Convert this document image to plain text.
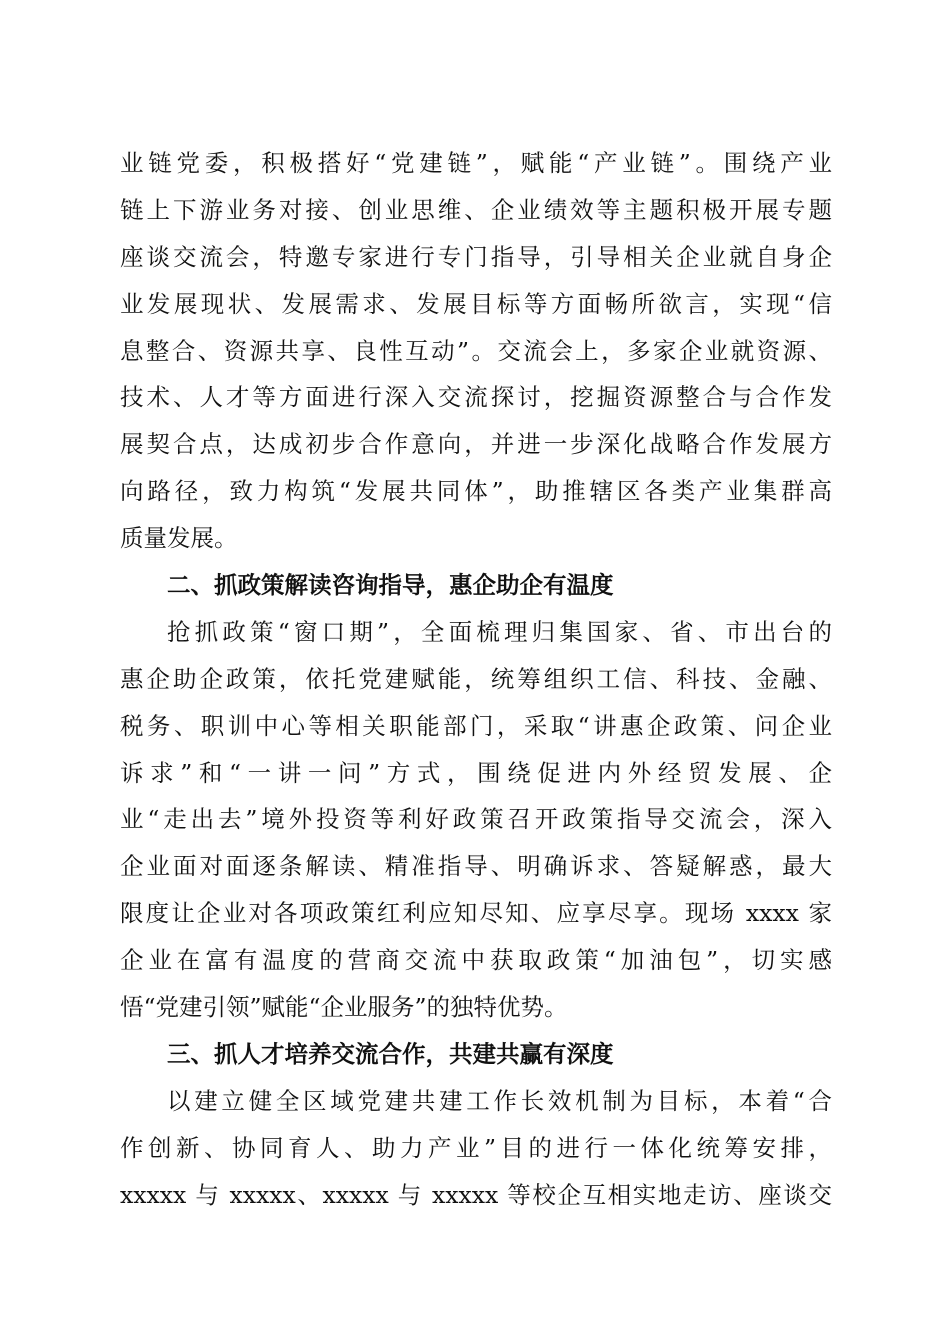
业链党委，积极搭好“党建链”，赋能“产业链”。围绕产业
链上下游业务对接、创业思维、企业绩效等主题积极开展专题
座谈交流会，特邀专家进行专门指导，引导相关企业就自身企
业发展现状、发展需求、发展目标等方面畅所欲言，实现“信
息整合、资源共享、良性互动”。交流会上，多家企业就资源、
技术、人才等方面进行深入交流探讨，挖掘资源整合与合作发
展契合点，达成初步合作意向，并进一步深化战略合作发展方
向路径，致力构筑“发展共同体”，助推辖区各类产业集群高
质量发展。
二、抓政策解读咨询指导，惠企助企有温度
抢抓政策“窗口期”，全面梳理归集国家、省、市出台的
惠企助企政策，依托党建赋能，统筹组织工信、科技、金融、
税务、职训中心等相关职能部门，采取“讲惠企政策、问企业
诉求”和“一讲一问”方式，围绕促进内外经贸发展、企
业“走出去”境外投资等利好政策召开政策指导交流会，深入
企业面对面逐条解读、精准指导、明确诉求、答疑解惑，最大
限度让企业对各项政策红利应知尽知、应享尽享。现场 xxxx 家
企业在富有温度的营商交流中获取政策“加油包”，切实感
悟“党建引领”赋能“企业服务”的独特优势。
三、抓人才培养交流合作，共建共赢有深度
以建立健全区域党建共建工作长效机制为目标，本着“合
作创新、协同育人、助力产业”目的进行一体化统筹安排，
xxxxx 与 xxxxx、xxxxx 与 xxxxx 等校企互相实地走访、座谈交
